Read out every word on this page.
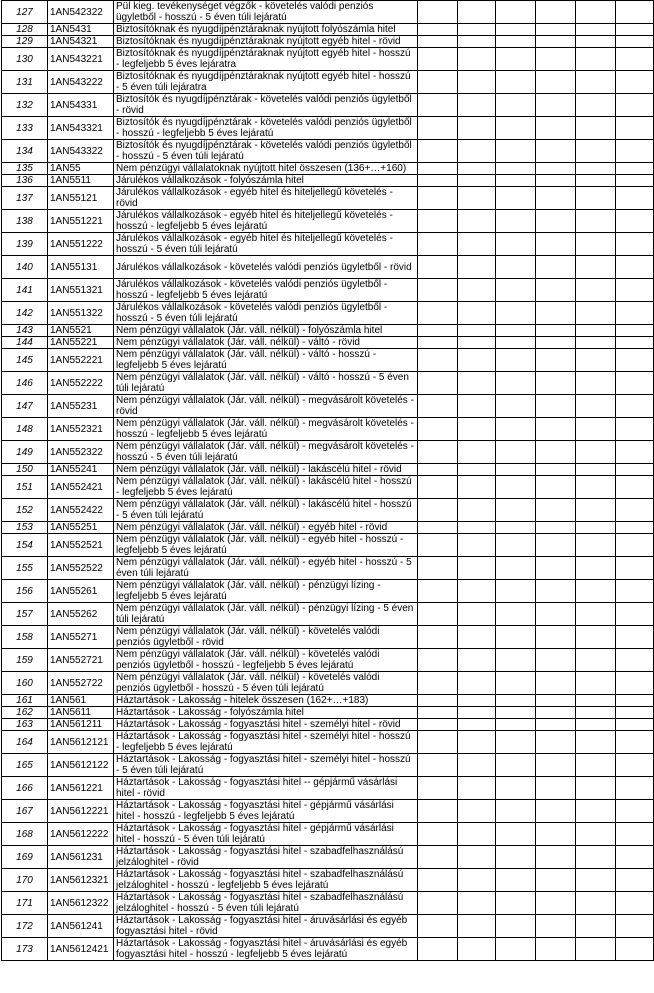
127	1AN542322	Pül kieg. tevékenységet végzők - követelés valódi penziós ügyletből - hosszú - 5 éven túli lejáratú						
128	1AN5431	Biztosítóknak és nyugdíjpénztáraknak nyújtott folyószámla hitel						
129	1AN54321	Biztosítóknak és nyugdíjpénztáraknak nyújtott egyéb hitel - rövid						
130	1AN543221	Biztosítóknak és nyugdíjpénztáraknak nyújtott egyéb hitel - hosszú - legfeljebb 5 éves lejáratra						
131	1AN543222	Biztosítóknak és nyugdíjpénztáraknak nyújtott egyéb hitel - hosszú - 5 éven túli lejáratra						
132	1AN54331	Biztosítók és nyugdíjpénztárak - követelés valódi penziós ügyletből - rövid						
133	1AN543321	Biztosítók és nyugdíjpénztárak - követelés valódi penziós ügyletből - hosszú - legfeljebb 5 éves lejáratú						
134	1AN543322	Biztosítók és nyugdíjpénztárak - követelés valódi penziós ügyletből - hosszú - 5 éven túli lejáratú						
135	1AN55	Nem pénzügyi vállalatoknak nyújtott hitel összesen (136+…+160)						
136	1AN5511	Járulékos vállalkozások - folyószámla hitel						
137	1AN55121	Járulékos vállalkozások - egyéb hitel és hiteljellegű követelés - rövid						
138	1AN551221	Járulékos vállalkozások - egyéb hitel és hiteljellegű követelés - hosszú - legfeljebb 5 éves lejáratú						
139	1AN551222	Járulékos vállalkozások - egyéb hitel és hiteljellegű követelés - hosszú - 5 éven túli lejáratú						
140	1AN55131	Járulékos vállalkozások - követelés valódi penziós ügyletből - rövid						
141	1AN551321	Járulékos vállalkozások - követelés valódi penziós ügyletből - hosszú - legfeljebb 5 éves lejáratú						
142	1AN551322	Járulékos vállalkozások - követelés valódi penziós ügyletből - hosszú - 5 éven túli lejáratú						
143	1AN5521	Nem pénzügyi vállalatok (Jár. váll. nélkül) - folyószámla hitel						
144	1AN55221	Nem pénzügyi vállalatok (Jár. váll. nélkül) - váltó - rövid						
145	1AN552221	Nem pénzügyi vállalatok (Jár. váll. nélkül) - váltó - hosszú - legfeljebb 5 éves lejáratú						
146	1AN552222	Nem pénzügyi vállalatok (Jár. váll. nélkül) - váltó - hosszú - 5 éven túli lejáratú						
147	1AN55231	Nem pénzügyi vállalatok (Jár. váll. nélkül) - megvásárolt követelés - rövid						
148	1AN552321	Nem pénzügyi vállalatok (Jár. váll. nélkül) - megvásárolt követelés - hosszú - legfeljebb 5 éves lejáratú						
149	1AN552322	Nem pénzügyi vállalatok (Jár. váll. nélkül) - megvásárolt követelés - hosszú - 5 éven túli lejáratú						
150	1AN55241	Nem pénzügyi vállalatok (Jár. váll. nélkül) - lakáscélú hitel - rövid						
151	1AN552421	Nem pénzügyi vállalatok (Jár. váll. nélkül) - lakáscélú hitel - hosszú - legfeljebb 5 éves lejáratú						
152	1AN552422	Nem pénzügyi vállalatok (Jár. váll. nélkül) - lakáscélú hitel - hosszú - 5 éven túli lejáratú						
153	1AN55251	Nem pénzügyi vállalatok (Jár. váll. nélkül) - egyéb hitel - rövid						
154	1AN552521	Nem pénzügyi vállalatok (Jár. váll. nélkül) - egyéb hitel - hosszú - legfeljebb 5 éves lejáratú						
155	1AN552522	Nem pénzügyi vállalatok (Jár. váll. nélkül) - egyéb hitel - hosszú - 5 éven túli lejáratú						
156	1AN55261	Nem pénzügyi vállalatok (Jár. váll. nélkül) - pénzügyi lízing - legfeljebb 5 éves lejáratú						
157	1AN55262	Nem pénzügyi vállalatok (Jár. váll. nélkül) - pénzügyi lízing - 5 éven túli lejáratú						
158	1AN55271	Nem pénzügyi vállalatok (Jár. váll. nélkül) - követelés valódi penziós ügyletből - rövid						
159	1AN552721	Nem pénzügyi vállalatok (Jár. váll. nélkül) - követelés valódi penziós ügyletből - hosszú - legfeljebb 5 éves lejáratú						
160	1AN552722	Nem pénzügyi vállalatok (Jár. váll. nélkül) - követelés valódi penziós ügyletből - hosszú - 5 éven túli lejáratú						
161	1AN561	Háztartások - Lakosság - hitelek összesen (162+…+183)						
162	1AN5611	Háztartások - Lakosság - folyószámla hitel						
163	1AN561211	Háztartások - Lakosság - fogyasztási hitel - személyi hitel - rövid						
164	1AN5612121	Háztartások - Lakosság - fogyasztási hitel - személyi hitel - hosszú - legfeljebb 5 éves lejáratú						
165	1AN5612122	Háztartások - Lakosság - fogyasztási hitel - személyi hitel - hosszú - 5 éven túli lejáratú						
166	1AN561221	Háztartások - Lakosság - fogyasztási hitel -- gépjármű vásárlási hitel - rövid						
167	1AN5612221	Háztartások - Lakosság - fogyasztási hitel - gépjármű vásárlási hitel - hosszú - legfeljebb 5 éves lejáratú						
168	1AN5612222	Háztartások - Lakosság - fogyasztási hitel - gépjármű vásárlási hitel - hosszú - 5 éven túli lejáratú						
169	1AN561231	Háztartások - Lakosság - fogyasztási hitel - szabadfelhasználású jelzáloghitel - rövid						
170	1AN5612321	Háztartások - Lakosság - fogyasztási hitel - szabadfelhasználású jelzáloghitel - hosszú - legfeljebb 5 éves lejáratú						
171	1AN5612322	Háztartások - Lakosság - fogyasztási hitel - szabadfelhasználású jelzáloghitel - hosszú - 5 éven túli lejáratú						
172	1AN561241	Háztartások - Lakosság - fogyasztási hitel - áruvásárlási és egyéb fogyasztási hitel - rövid						
173	1AN5612421	Háztartások - Lakosság - fogyasztási hitel - áruvásárlási és egyéb fogyasztási hitel - hosszú - legfeljebb 5 éves lejáratú						
